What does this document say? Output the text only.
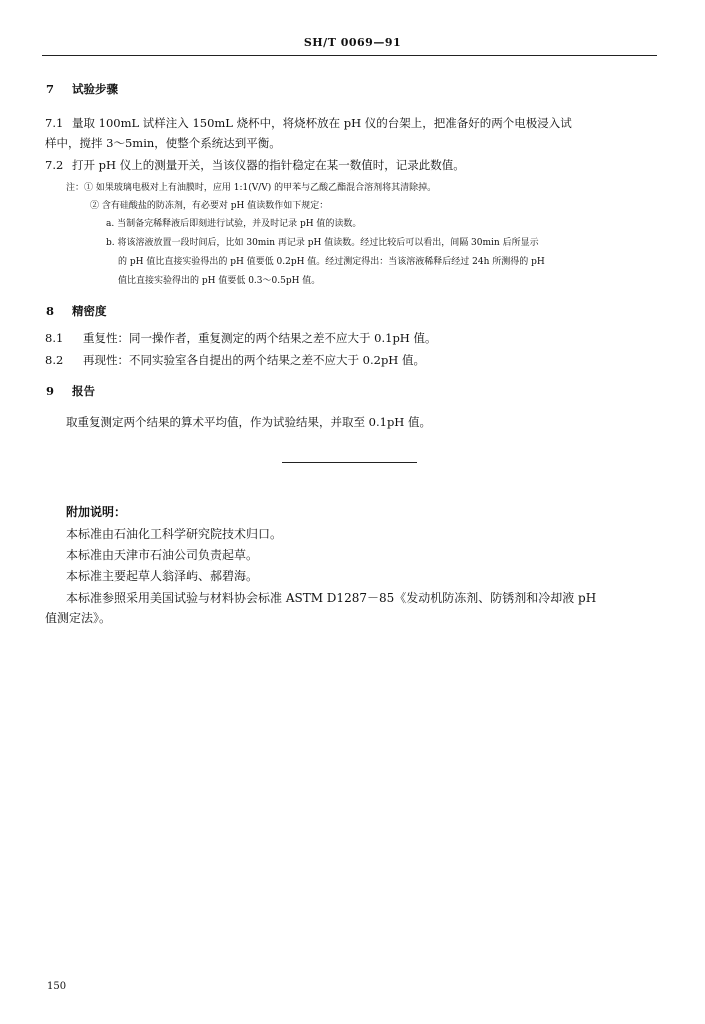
SH/T 0069—91
7 试验步骤
7.1 量取 100mL 试样注入 150mL 烧杯中，将烧杯放在 pH 仪的台架上，把准备好的两个电极浸入试
样中，搅拌 3～5min，使整个系统达到平衡。
7.2 打开 pH 仪上的测量开关，当该仪器的指针稳定在某一数值时，记录此数值。
注：① 如果玻璃电极对上有油膜时，应用 1:1(V/V) 的甲苯与乙酸乙酯混合溶剂将其清除掉。
② 含有硅酸盐的防冻剂，有必要对 pH 值读数作如下规定：
a. 当制备完稀释液后即刻进行试验，并及时记录 pH 值的读数。
b. 将该溶液放置一段时间后，比如 30min 再记录 pH 值读数。经过比较后可以看出，间隔 30min 后所显示
的 pH 值比直接实验得出的 pH 值要低 0.2pH 值。经过测定得出：当该溶液稀释后经过 24h 所测得的 pH
值比直接实验得出的 pH 值要低 0.3～0.5pH 值。
8 精密度
8.1 重复性：同一操作者，重复测定的两个结果之差不应大于 0.1pH 值。
8.2 再现性：不同实验室各自提出的两个结果之差不应大于 0.2pH 值。
9 报告
取重复测定两个结果的算术平均值，作为试验结果，并取至 0.1pH 值。
附加说明：
本标准由石油化工科学研究院技术归口。
本标准由天津市石油公司负责起草。
本标准主要起草人翁泽屿、郝碧海。
本标准参照采用美国试验与材料协会标准 ASTM D1287－85《发动机防冻剂、防锈剂和冷却液 pH
值测定法》。
150
